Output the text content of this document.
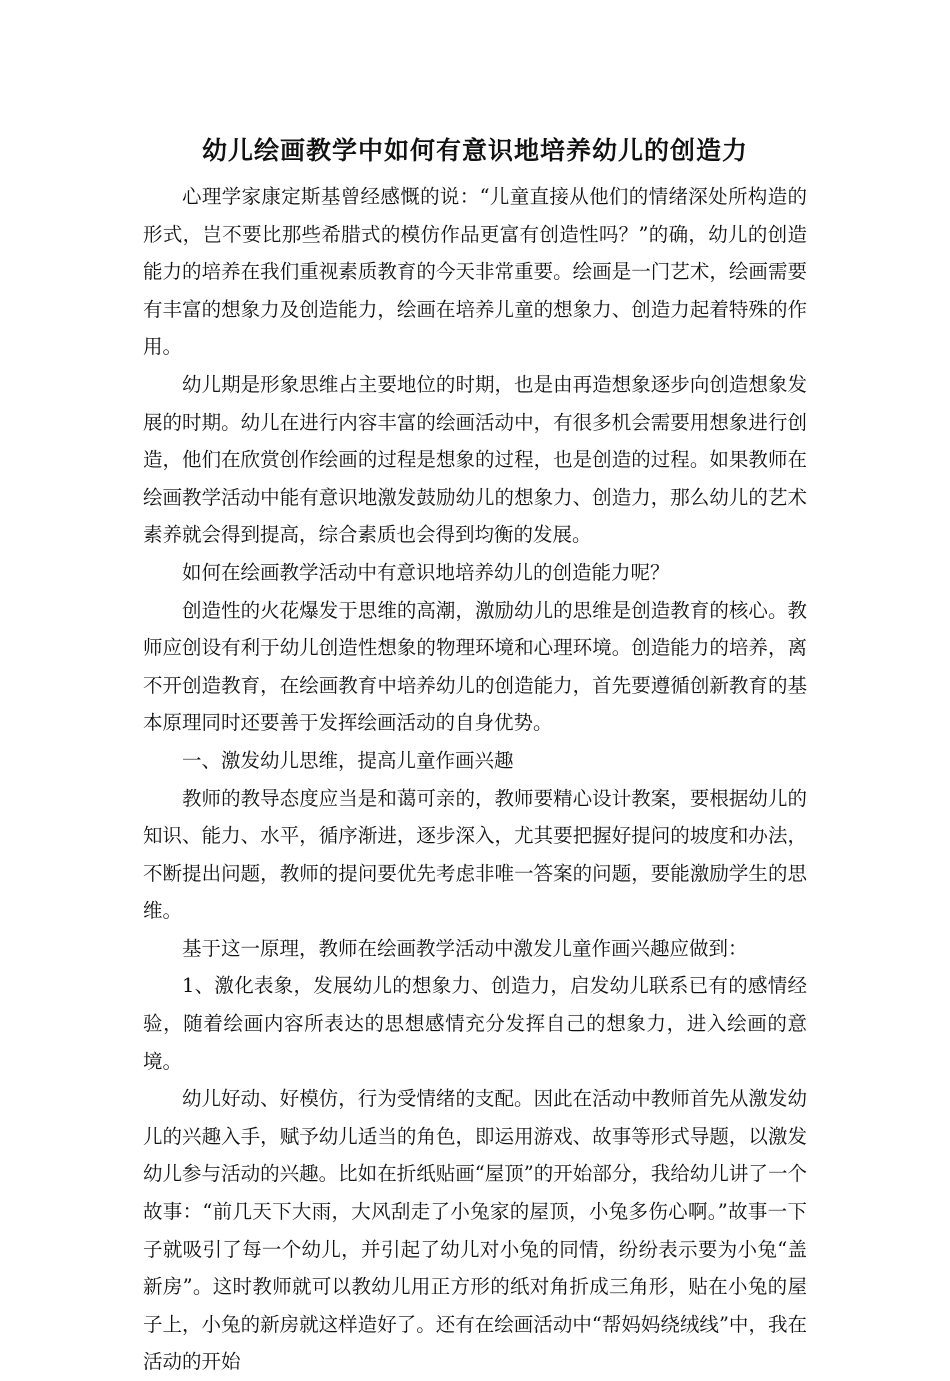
幼儿绘画教学中如何有意识地培养幼儿的创造力

心理学家康定斯基曾经感慨的说：“儿童直接从他们的情绪深处所构造的形式，岂不要比那些希腊式的模仿作品更富有创造性吗？”的确，幼儿的创造能力的培养在我们重视素质教育的今天非常重要。绘画是一门艺术，绘画需要有丰富的想象力及创造能力，绘画在培养儿童的想象力、创造力起着特殊的作用。

幼儿期是形象思维占主要地位的时期，也是由再造想象逐步向创造想象发展的时期。幼儿在进行内容丰富的绘画活动中，有很多机会需要用想象进行创造，他们在欣赏创作绘画的过程是想象的过程，也是创造的过程。如果教师在绘画教学活动中能有意识地激发鼓励幼儿的想象力、创造力，那么幼儿的艺术素养就会得到提高，综合素质也会得到均衡的发展。

如何在绘画教学活动中有意识地培养幼儿的创造能力呢？

创造性的火花爆发于思维的高潮，激励幼儿的思维是创造教育的核心。教师应创设有利于幼儿创造性想象的物理环境和心理环境。创造能力的培养，离不开创造教育，在绘画教育中培养幼儿的创造能力，首先要遵循创新教育的基本原理同时还要善于发挥绘画活动的自身优势。

一、激发幼儿思维，提高儿童作画兴趣

教师的教导态度应当是和蔼可亲的，教师要精心设计教案，要根据幼儿的知识、能力、水平，循序渐进，逐步深入，尤其要把握好提问的坡度和办法，不断提出问题，教师的提问要优先考虑非唯一答案的问题，要能激励学生的思维。

基于这一原理，教师在绘画教学活动中激发儿童作画兴趣应做到：

1、激化表象，发展幼儿的想象力、创造力，启发幼儿联系已有的感情经验，随着绘画内容所表达的思想感情充分发挥自己的想象力，进入绘画的意境。

幼儿好动、好模仿，行为受情绪的支配。因此在活动中教师首先从激发幼儿的兴趣入手，赋予幼儿适当的角色，即运用游戏、故事等形式导题，以激发幼儿参与活动的兴趣。比如在折纸贴画“屋顶”的开始部分，我给幼儿讲了一个故事：“前几天下大雨，大风刮走了小兔家的屋顶，小兔多伤心啊。”故事一下子就吸引了每一个幼儿，并引起了幼儿对小兔的同情，纷纷表示要为小兔“盖新房”。这时教师就可以教幼儿用正方形的纸对角折成三角形，贴在小兔的屋子上，小兔的新房就这样造好了。还有在绘画活动中“帮妈妈绕绒线”中，我在活动的开始
